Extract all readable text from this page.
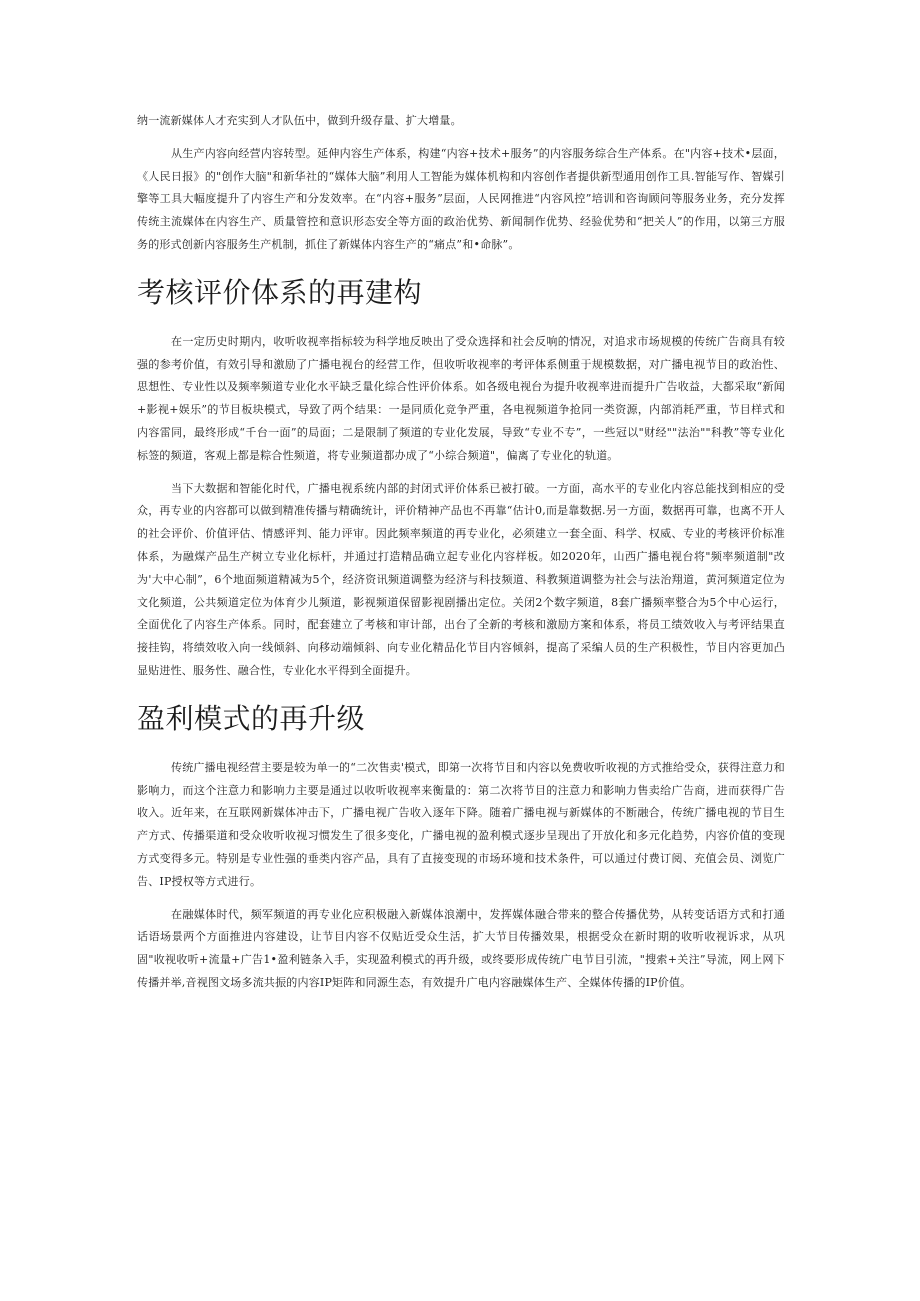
纳一流新媒体人才充实到人才队伍中，做到升级存量、扩大增量。

从生产内容向经营内容转型。延伸内容生产体系，构建“内容+技术+服务”的内容服务综合生产体系。在"内容+技术•层面，《人民日报》的"创作大脑"和新华社的“媒体大脑”利用人工智能为媒体机构和内容创作者提供新型通用创作工具.智能写作、智媒引擎等工具大幅度提升了内容生产和分发效率。在“内容+服务”层面，人民网推进“内容风控”培训和咨询顾问等服务业务，充分发挥传统主流媒体在内容生产、质量管控和意识形态安全等方面的政治优势、新闻制作优势、经验优势和“把关人”的作用，以第三方服务的形式创新内容服务生产机制，抓住了新媒体内容生产的“痛点”和•命脉”。

考核评价体系的再建构

在一定历史时期内，收听收视率指标较为科学地反映出了受众选择和社会反响的情况，对追求市场规模的传统广告商具有较强的参考价值，有效引导和激励了广播电视台的经营工作，但收听收视率的考评体系侧重于规模数据，对广播电视节目的政治性、思想性、专业性以及频率频道专业化水平缺乏量化综合性评价体系。如各级电视台为提升收视率进而提升广告收益，大都采取“新闻+影视+娱乐”的节目板块模式，导致了两个结果：一是同质化竞争严重，各电视频道争抢同一类资源，内部消耗严重，节目样式和内容雷同，最终形成“千台一面”的局面；二是限制了频道的专业化发展，导致“专业不专”，一些冠以"财经""法治""科教”等专业化标签的频道，客观上都是粽合性频道，将专业频道都办成了“小综合频道"，偏离了专业化的轨道。

当下大数据和智能化时代，广播电视系统内部的封闭式评价体系已被打破。一方面，高水平的专业化内容总能找到相应的受众，再专业的内容都可以做到精准传播与精确统计，评价精神产品也不再靠“估计0,而是靠数据.另一方面，数据再可靠，也离不开人的社会评价、价值评估、情感评判、能力评审。因此频率频道的再专业化，必须建立一套全面、科学、权威、专业的考核评价标准体系，为融煤产品生产树立专业化标杆，并通过打造精品确立起专业化内容样板。如2020年，山西广播电视台将"频率频道制"改为'大中心制”，6个地面频道精减为5个，经济资讯频道调整为经济与科技频道、科教频道调整为社会与法治翔道，黄河频道定位为文化频道，公共频道定位为体育少儿频道，影视频道保留影视剧播出定位。关闭2个数字频道，8套广播频率整合为5个中心运行，全面优化了内容生产体系。同时，配套建立了考核和审计部，出台了全新的考核和激励方案和体系，将员工绩效收入与考评结果直接挂钩，将绩效收入向一线倾斜、向移动端倾斜、向专业化精品化节目内容倾斜，提高了采编人员的生产积极性，节目内容更加凸显贴进性、服务性、融合性，专业化水平得到全面提升。

盈利模式的再升级

传统广播电视经营主要是较为单一的“二次售卖'模式，即第一次将节目和内容以免费收听收视的方式推给受众，获得注意力和影响力，而这个注意力和影响力主要是通过以收听收视率来衡量的：第二次将节目的注意力和影响力售卖给广告商，进而获得广告收入。近年来，在互联网新媒体冲击下，广播电视广告收入逐年下降。随着广播电视与新媒体的不断融合，传统广播电视的节目生产方式、传播渠道和受众收听收视习惯发生了很多变化，广播电视的盈利模式逐步呈现出了开放化和多元化趋势，内容价值的变现方式变得多元。特别是专业性强的垂类内容产品，具有了直接变现的市场环境和技术条件，可以通过付费订阅、充值会员、浏览广告、IP授权等方式进行。

在融媒体时代，频军频道的再专业化应积极融入新媒体浪潮中，发挥媒体融合带来的整合传播优势，从转变话语方式和打通话语场景两个方面推进内容建设，让节目内容不仅贴近受众生活，扩大节目传播效果，根据受众在新时期的收听收视诉求，从巩固"收视收听+流量+广告1•盈利链条入手，实现盈利模式的再升级，或终要形成传统广电节目引流，"搜索+关注”导流，网上网下传播并举,音视图文场多流共振的内容IP矩阵和同源生态，有效提升广电内容融媒体生产、全媒体传播的IP价值。
